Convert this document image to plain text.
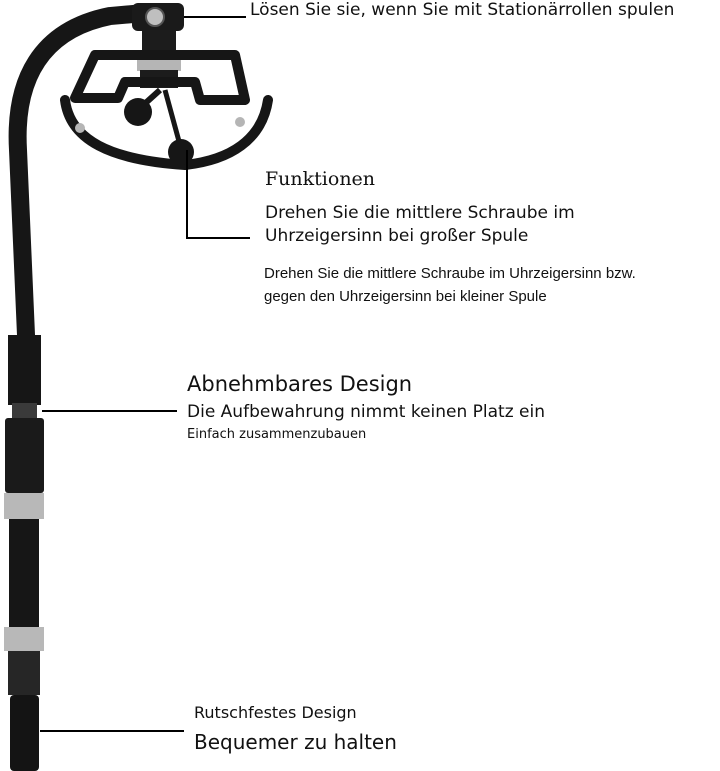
Lösen Sie sie, wenn Sie mit Stationärrollen spulen
Funktionen
Drehen Sie die mittlere Schraube im
Uhrzeigersinn bei großer Spule
Drehen Sie die mittlere Schraube im Uhrzeigersinn bzw.
gegen den Uhrzeigersinn bei kleiner Spule
Abnehmbares Design
Die Aufbewahrung nimmt keinen Platz ein
Einfach zusammenzubauen
Rutschfestes Design
Bequemer zu halten
